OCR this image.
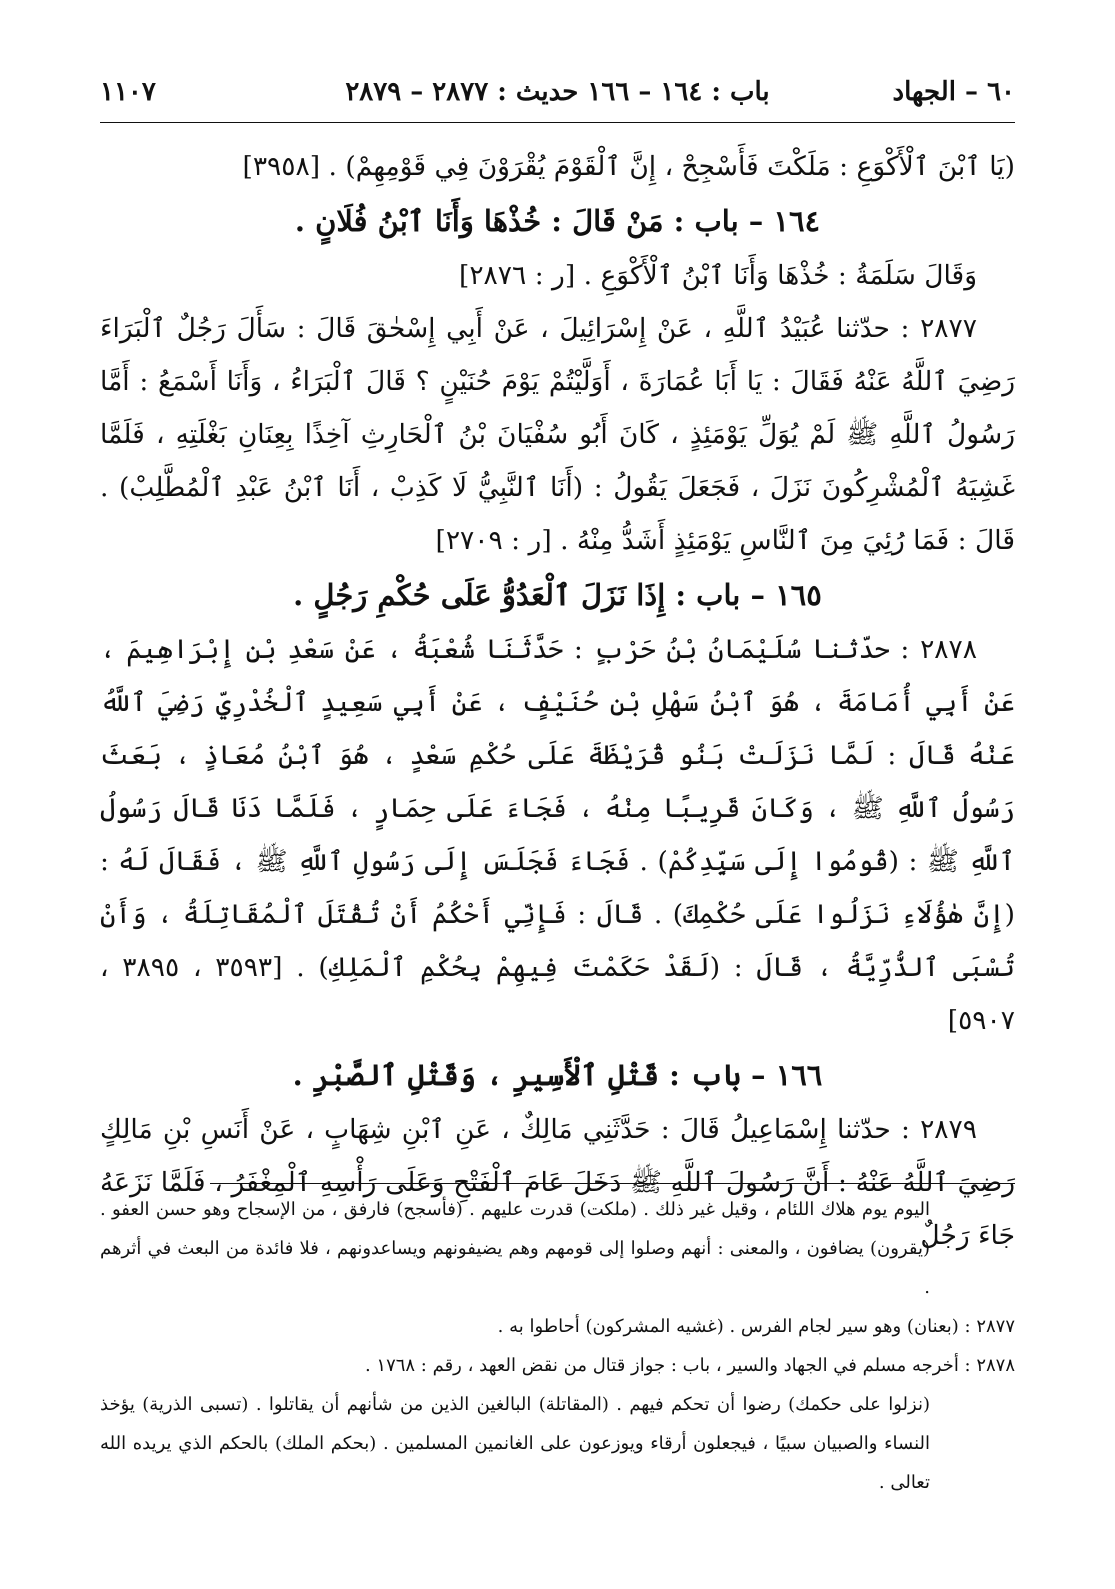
٦٠ – الجهاد
باب : ١٦٤ – ١٦٦ حديث : ٢٨٧٧ – ٢٨٧٩
١١٠٧

(يَا ٱبْنَ ٱلْأَكْوَعِ : مَلَكْتَ فَأَسْجِحْ ، إِنَّ ٱلْقَوْمَ يُقْرَوْنَ فِي قَوْمِهِمْ) . [٣٩٥٨]

١٦٤ – باب : مَنْ قَالَ : خُذْهَا وَأَنَا ٱبْنُ فُلَانٍ .

وَقَالَ سَلَمَةُ : خُذْهَا وَأَنَا ٱبْنُ ٱلْأَكْوَعِ . [ر : ٢٨٧٦]

٢٨٧٧ : حدّثنا عُبَيْدُ ٱللَّهِ ، عَنْ إِسْرَائِيلَ ، عَنْ أَبِي إِسْحٰقَ قَالَ : سَأَلَ رَجُلٌ ٱلْبَرَاءَ رَضِيَ ٱللَّهُ عَنْهُ فَقَالَ : يَا أَبَا عُمَارَةَ ، أَوَلَّيْتُمْ يَوْمَ حُنَيْنٍ ؟ قَالَ ٱلْبَرَاءُ ، وَأَنَا أَسْمَعُ : أَمَّا رَسُولُ ٱللَّهِ ﷺ لَمْ يُوَلِّ يَوْمَئِذٍ ، كَانَ أَبُو سُفْيَانَ بْنُ ٱلْحَارِثِ آخِذًا بِعِنَانِ بَغْلَتِهِ ، فَلَمَّا غَشِيَهُ ٱلْمُشْرِكُونَ نَزَلَ ، فَجَعَلَ يَقُولُ : (أَنَا ٱلنَّبِيُّ لَا كَذِبْ ، أَنَا ٱبْنُ عَبْدِ ٱلْمُطَّلِبْ) . قَالَ : فَمَا رُئِيَ مِنَ ٱلنَّاسِ يَوْمَئِذٍ أَشَدُّ مِنْهُ . [ر : ٢٧٠٩]

١٦٥ – باب : إِذَا نَزَلَ ٱلْعَدُوُّ عَلَى حُكْمِ رَجُلٍ .

٢٨٧٨ : حدّثنا سُلَيْمَانُ بْنُ حَرْبٍ : حَدَّثَنَا شُعْبَةُ ، عَنْ سَعْدِ بْنِ إِبْرَاهِيمَ ، عَنْ أَبِي أُمَامَةَ ، هُوَ ٱبْنُ سَهْلِ بْنِ حُنَيْفٍ ، عَنْ أَبِي سَعِيدٍ ٱلْخُدْرِيِّ رَضِيَ ٱللَّهُ عَنْهُ قَالَ : لَمَّا نَزَلَتْ بَنُو قُرَيْظَةَ عَلَى حُكْمِ سَعْدٍ ، هُوَ ٱبْنُ مُعَاذٍ ، بَعَثَ رَسُولُ ٱللَّهِ ﷺ ، وَكَانَ قَرِيبًا مِنْهُ ، فَجَاءَ عَلَى حِمَارٍ ، فَلَمَّا دَنَا قَالَ رَسُولُ ٱللَّهِ ﷺ : (قُومُوا إِلَى سَيِّدِكُمْ) . فَجَاءَ فَجَلَسَ إِلَى رَسُولِ ٱللَّهِ ﷺ ، فَقَالَ لَهُ : (إِنَّ هٰؤُلَاءِ نَزَلُوا عَلَى حُكْمِكَ) . قَالَ : فَإِنِّي أَحْكُمُ أَنْ تُقْتَلَ ٱلْمُقَاتِلَةُ ، وَأَنْ تُسْبَى ٱلذُّرِّيَّةُ ، قَالَ : (لَقَدْ حَكَمْتَ فِيهِمْ بِحُكْمِ ٱلْمَلِكِ) . [٣٥٩٣ ، ٣٨٩٥ ، ٥٩٠٧]

١٦٦ – باب : قَتْلِ ٱلْأَسِيرِ ، وَقَتْلِ ٱلصَّبْرِ .

٢٨٧٩ : حدّثنا إِسْمَاعِيلُ قَالَ : حَدَّثَنِي مَالِكٌ ، عَنِ ٱبْنِ شِهَابٍ ، عَنْ أَنَسِ بْنِ مَالِكٍ رَضِيَ ٱللَّهُ عَنْهُ : أَنَّ رَسُولَ ٱللَّهِ ﷺ دَخَلَ عَامَ ٱلْفَتْحِ وَعَلَى رَأْسِهِ ٱلْمِغْفَرُ ، فَلَمَّا نَزَعَهُ جَاءَ رَجُلٌ

اليوم يوم هلاك اللئام ، وقيل غير ذلك . (ملكت) قدرت عليهم . (فأسجح) فارفق ، من الإسجاح وهو حسن العفو . (يقرون) يضافون ، والمعنى : أنهم وصلوا إلى قومهم وهم يضيفونهم ويساعدونهم ، فلا فائدة من البعث في أثرهم .

٢٨٧٧ : (بعنان) وهو سير لجام الفرس . (غشيه المشركون) أحاطوا به .

٢٨٧٨ : أخرجه مسلم في الجهاد والسير ، باب : جواز قتال من نقض العهد ، رقم : ١٧٦٨ .

(نزلوا على حكمك) رضوا أن تحكم فيهم . (المقاتلة) البالغين الذين من شأنهم أن يقاتلوا . (تسبى الذرية) يؤخذ النساء والصبيان سبيًا ، فيجعلون أرقاء ويوزعون على الغانمين المسلمين . (بحكم الملك) بالحكم الذي يريده الله تعالى .
